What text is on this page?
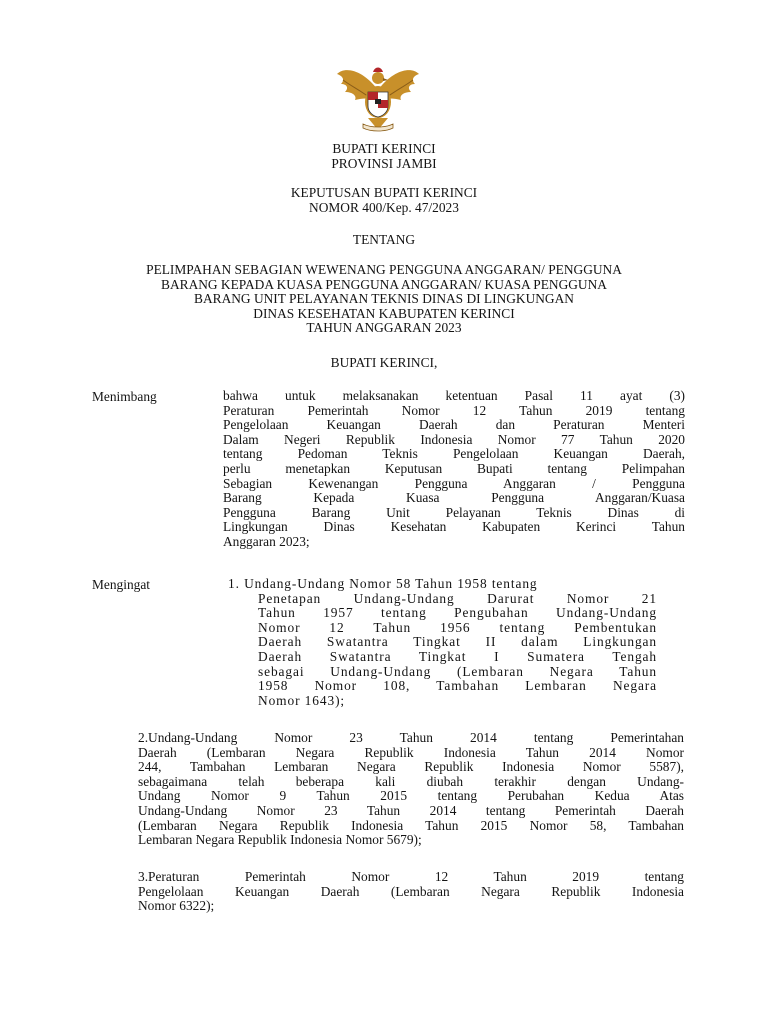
BUPATI KERINCI
PROVINSI JAMBI
KEPUTUSAN BUPATI KERINCI
NOMOR 400/Kep. 47/2023
TENTANG
PELIMPAHAN SEBAGIAN WEWENANG PENGGUNA ANGGARAN/ PENGGUNA
BARANG KEPADA KUASA PENGGUNA ANGGARAN/ KUASA PENGGUNA
BARANG UNIT PELAYANAN TEKNIS DINAS DI LINGKUNGAN
DINAS KESEHATAN KABUPATEN KERINCI
TAHUN ANGGARAN 2023
BUPATI KERINCI,
Menimbang	bahwa untuk melaksanakan ketentuan Pasal 11 ayat (3)
Peraturan Pemerintah Nomor 12 Tahun 2019 tentang
Pengelolaan Keuangan Daerah dan Peraturan Menteri
Dalam Negeri Republik Indonesia Nomor 77 Tahun 2020
tentang Pedoman Teknis Pengelolaan Keuangan Daerah,
perlu menetapkan Keputusan Bupati tentang Pelimpahan
Sebagian Kewenangan Pengguna Anggaran / Pengguna
Barang Kepada Kuasa Pengguna Anggaran/Kuasa
Pengguna Barang Unit Pelayanan Teknis Dinas di
Lingkungan Dinas Kesehatan Kabupaten Kerinci Tahun
Anggaran 2023;
Mengingat	1. Undang-Undang Nomor 58 Tahun 1958 tentang
Penetapan Undang-Undang Darurat Nomor 21
Tahun 1957 tentang Pengubahan Undang-Undang
Nomor 12 Tahun 1956 tentang Pembentukan
Daerah Swatantra Tingkat II dalam Lingkungan
Daerah Swatantra Tingkat I Sumatera Tengah
sebagai Undang-Undang (Lembaran Negara Tahun
1958 Nomor 108, Tambahan Lembaran Negara
Nomor 1643);
2.Undang-Undang Nomor 23 Tahun 2014 tentang Pemerintahan
Daerah (Lembaran Negara Republik Indonesia Tahun 2014 Nomor
244, Tambahan Lembaran Negara Republik Indonesia Nomor 5587),
sebagaimana telah beberapa kali diubah terakhir dengan Undang-
Undang Nomor 9 Tahun 2015 tentang Perubahan Kedua Atas
Undang-Undang Nomor 23 Tahun 2014 tentang Pemerintah Daerah
(Lembaran Negara Republik Indonesia Tahun 2015 Nomor 58, Tambahan
Lembaran Negara Republik Indonesia Nomor 5679);
3.Peraturan Pemerintah Nomor 12 Tahun 2019 tentang
Pengelolaan Keuangan Daerah (Lembaran Negara Republik Indonesia
Nomor 6322);
